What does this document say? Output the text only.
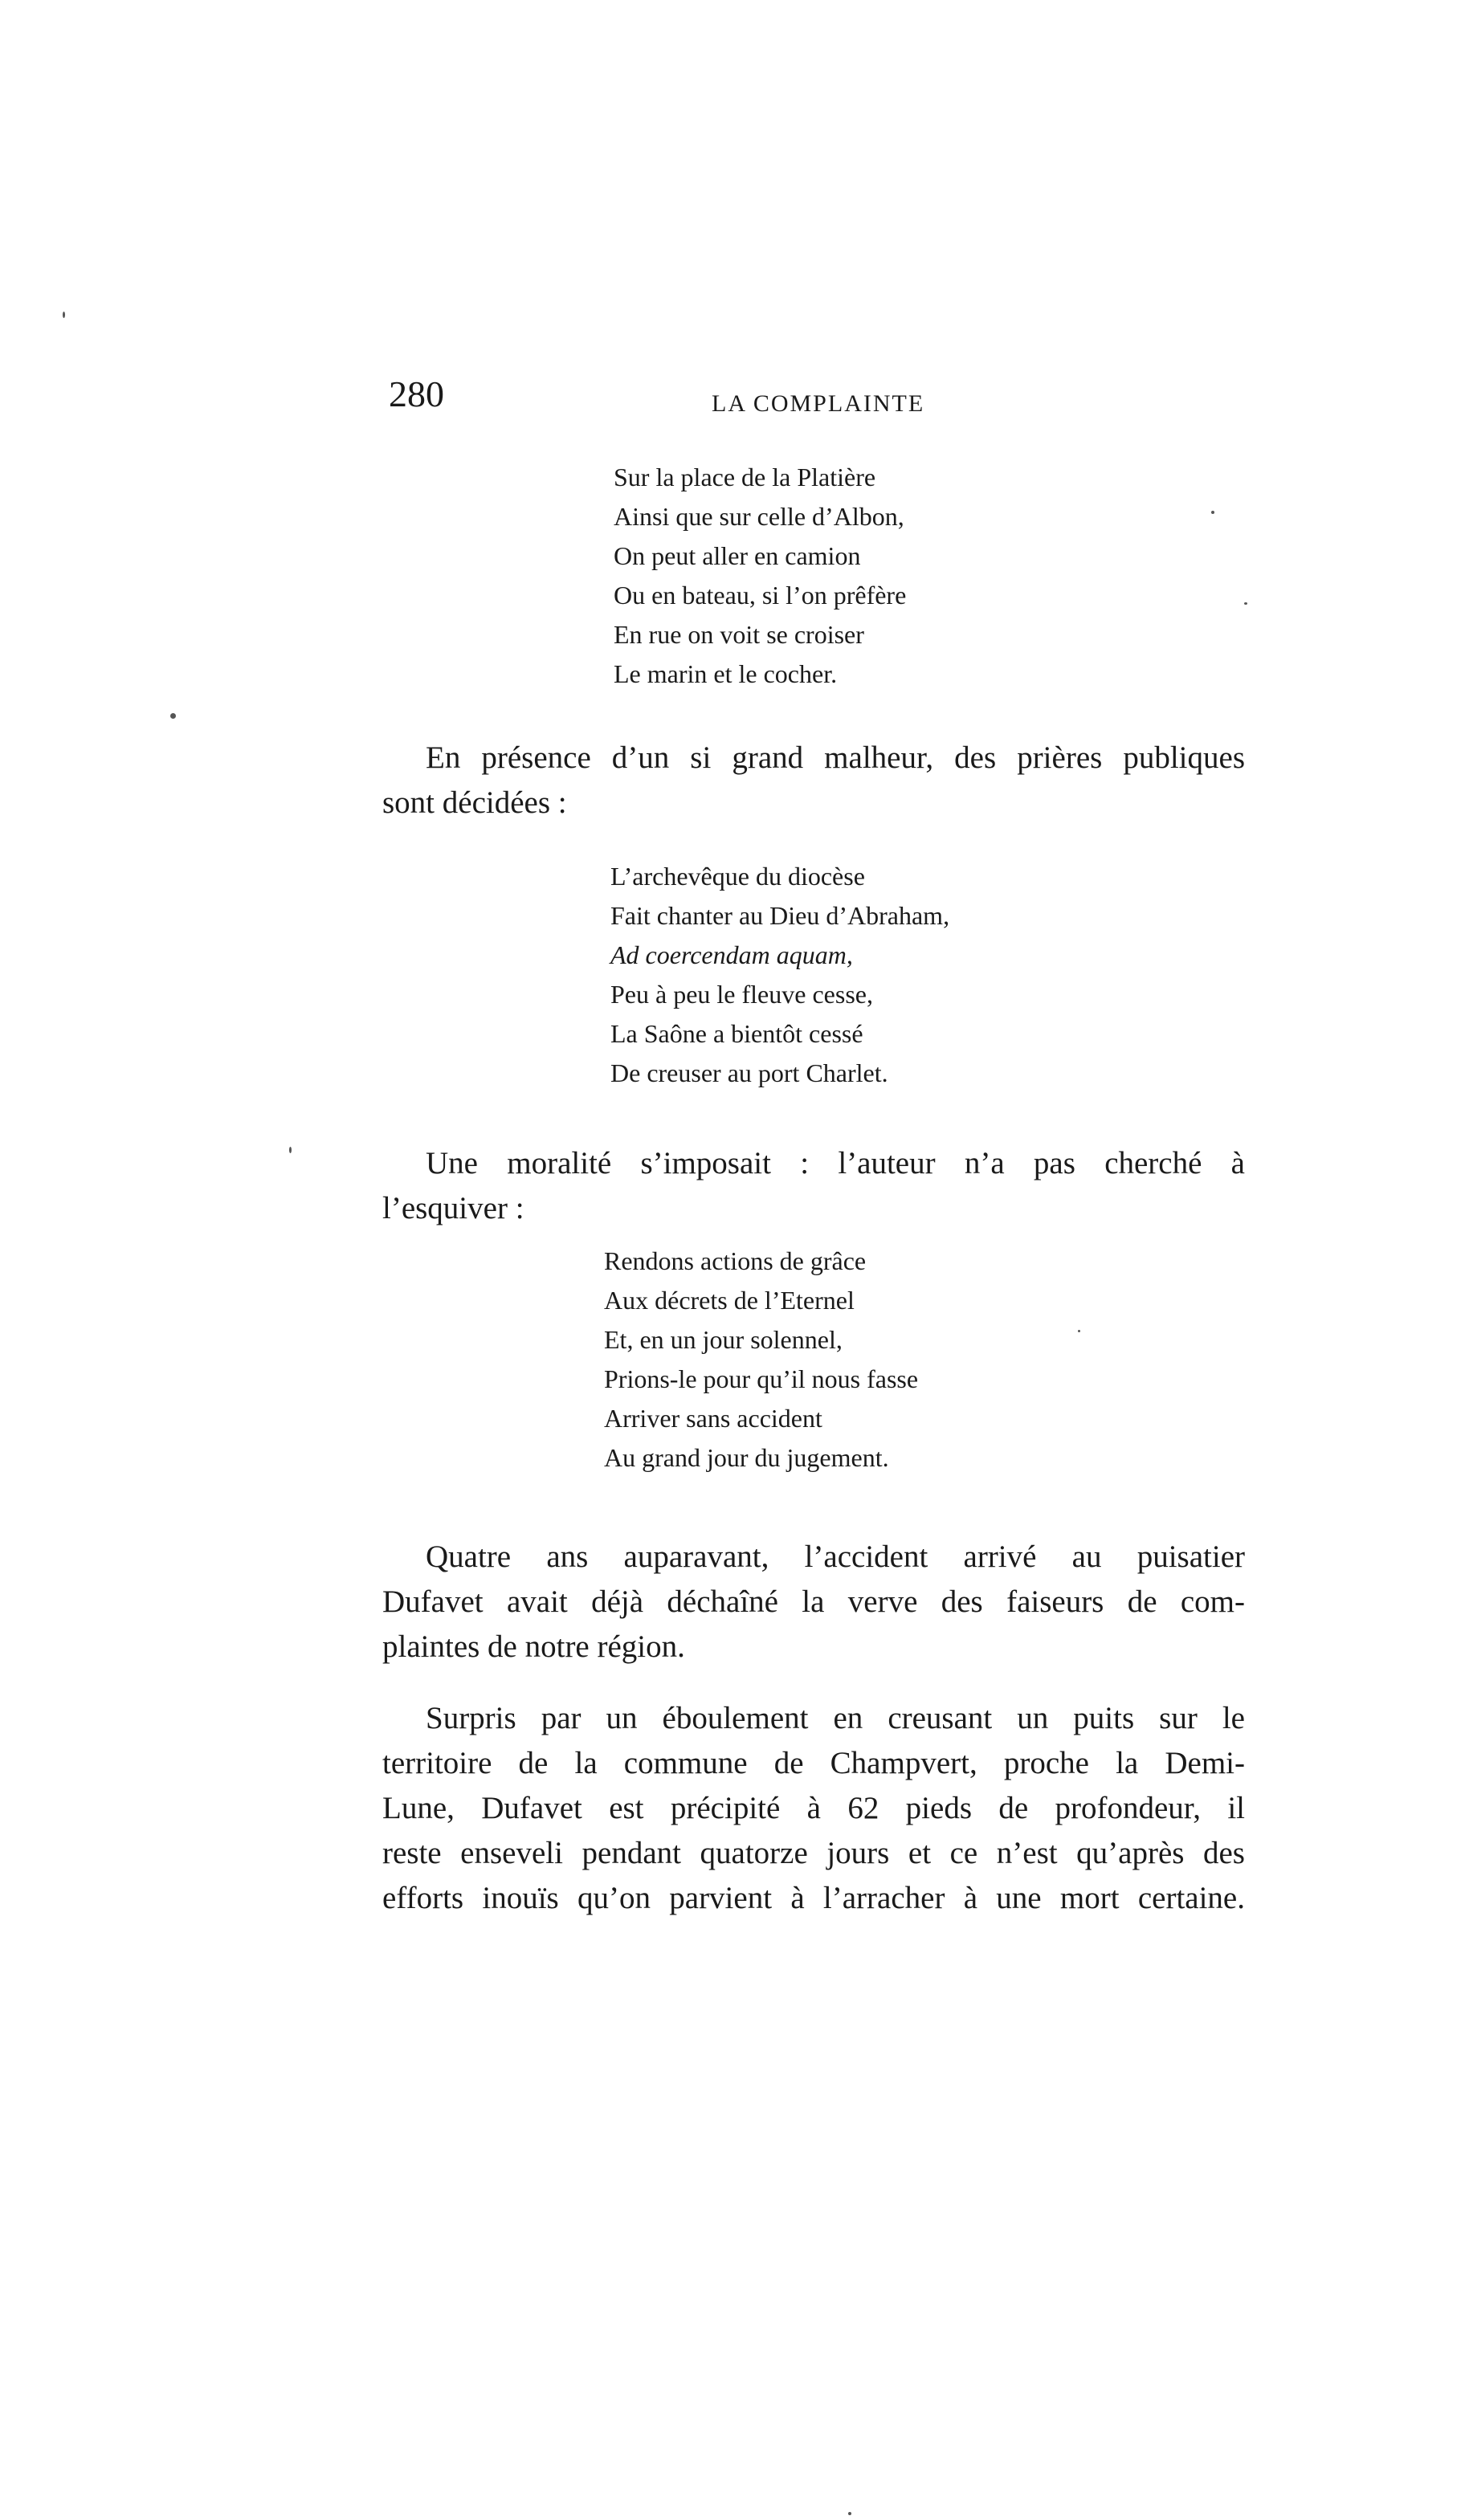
280	LA COMPLAINTE
Sur la place de la Platière
Ainsi que sur celle d’Albon,
On peut aller en camion
Ou en bateau, si l’on prêfère
En rue on voit se croiser
Le marin et le cocher.

En présence d’un si grand malheur, des prières publiques
sont décidées :

L’archevêque du diocèse
Fait chanter au Dieu d’Abraham,
Ad coercendam aquam,
Peu à peu le fleuve cesse,
La Saône a bientôt cessé
De creuser au port Charlet.

Une moralité s’imposait : l’auteur n’a pas cherché à
l’esquiver :

Rendons actions de grâce
Aux décrets de l’Eternel
Et, en un jour solennel,
Prions-le pour qu’il nous fasse
Arriver sans accident
Au grand jour du jugement.

Quatre ans auparavant, l’accident arrivé au puisatier
Dufavet avait déjà déchaîné la verve des faiseurs de com-
plaintes de notre région.

Surpris par un éboulement en creusant un puits sur le
territoire de la commune de Champvert, proche la Demi-
Lune, Dufavet est précipité à 62 pieds de profondeur, il
reste enseveli pendant quatorze jours et ce n’est qu’après des
efforts inouïs qu’on parvient à l’arracher à une mort certaine.
